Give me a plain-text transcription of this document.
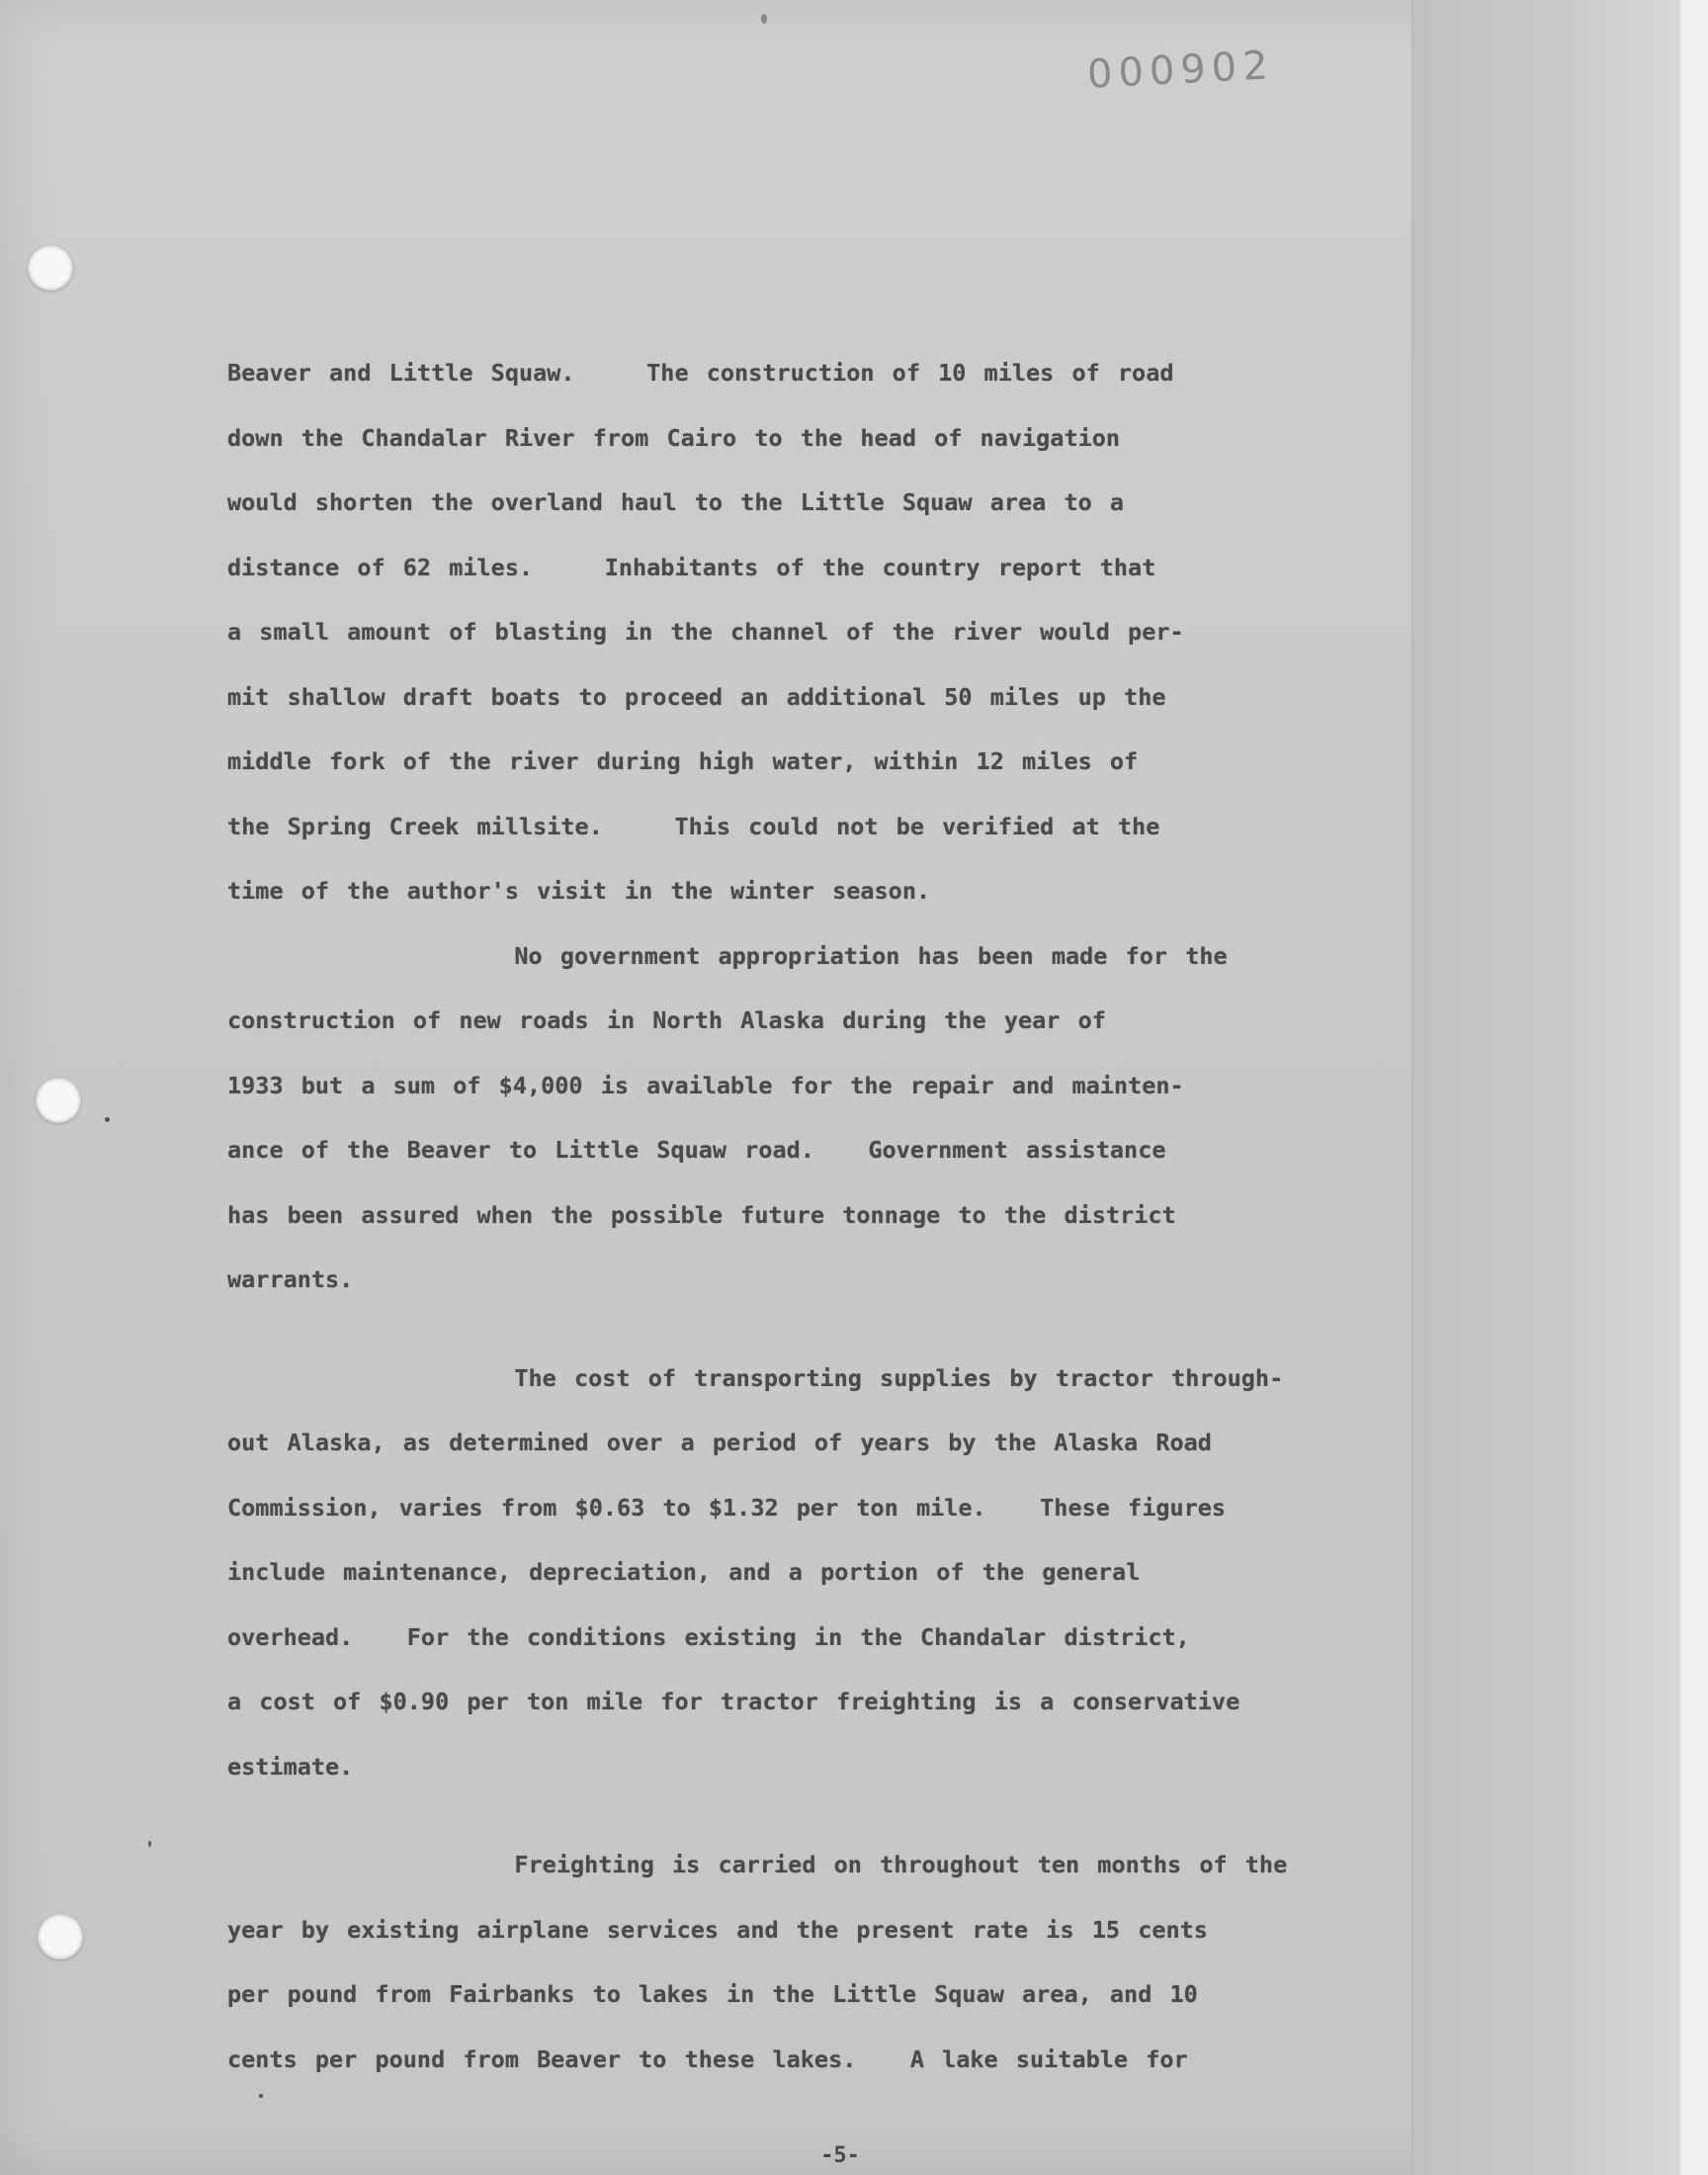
000902
Beaver and Little Squaw.    The construction of 10 miles of road
down the Chandalar River from Cairo to the head of navigation
would shorten the overland haul to the Little Squaw area to a
distance of 62 miles.    Inhabitants of the country report that
a small amount of blasting in the channel of the river would per-
mit shallow draft boats to proceed an additional 50 miles up the
middle fork of the river during high water, within 12 miles of
the Spring Creek millsite.    This could not be verified at the
time of the author's visit in the winter season.
No government appropriation has been made for the
construction of new roads in North Alaska during the year of
1933 but a sum of $4,000 is available for the repair and mainten-
ance of the Beaver to Little Squaw road.   Government assistance
has been assured when the possible future tonnage to the district
warrants.
The cost of transporting supplies by tractor through-
out Alaska, as determined over a period of years by the Alaska Road
Commission, varies from $0.63 to $1.32 per ton mile.   These figures
include maintenance, depreciation, and a portion of the general
overhead.   For the conditions existing in the Chandalar district,
a cost of $0.90 per ton mile for tractor freighting is a conservative
estimate.
Freighting is carried on throughout ten months of the
year by existing airplane services and the present rate is 15 cents
per pound from Fairbanks to lakes in the Little Squaw area, and 10
cents per pound from Beaver to these lakes.   A lake suitable for
-5-
